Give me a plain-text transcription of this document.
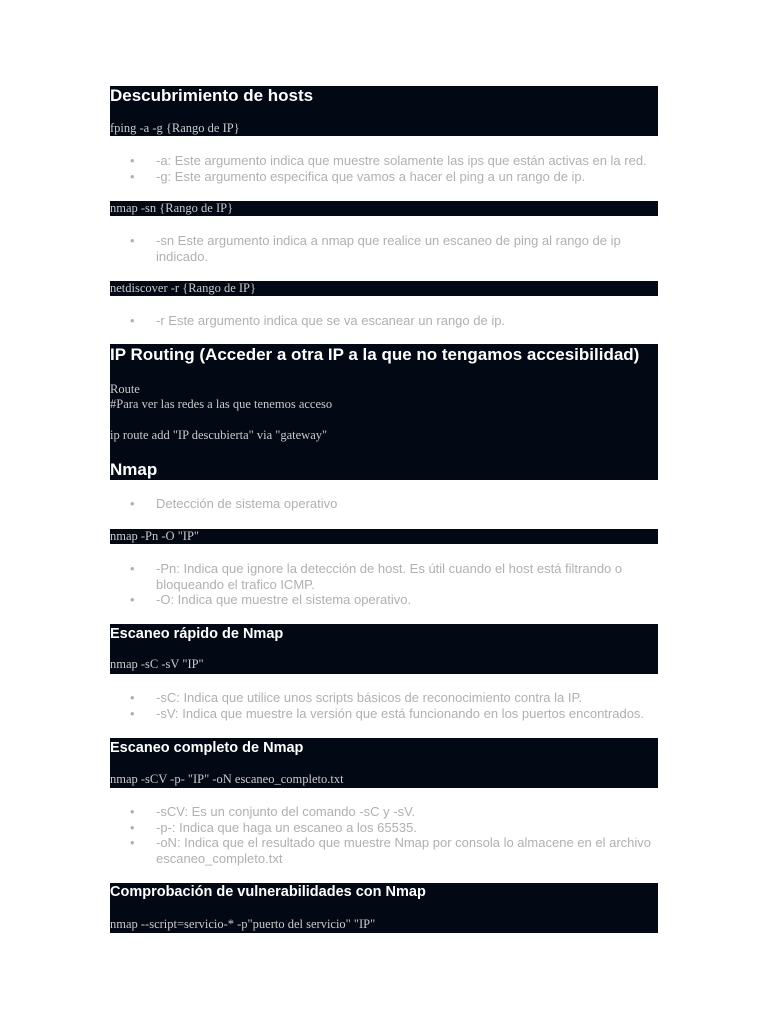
Descubrimiento de hosts
fping -a -g {Rango de IP}
• -a: Este argumento indica que muestre solamente las ips que están activas en la red.
• -g: Este argumento especifica que vamos a hacer el ping a un rango de ip.
nmap -sn {Rango de IP}
• -sn Este argumento indica a nmap que realice un escaneo de ping al rango de ip indicado.
netdiscover -r {Rango de IP}
• -r Este argumento indica que se va escanear un rango de ip.
IP Routing (Acceder a otra IP a la que no tengamos accesibilidad)
Route
#Para ver las redes a las que tenemos acceso
ip route add "IP descubierta" via "gateway"
Nmap
• Detección de sistema operativo
nmap -Pn -O "IP"
• -Pn: Indica que ignore la detección de host. Es útil cuando el host está filtrando o bloqueando el trafico ICMP.
• -O: Indica que muestre el sistema operativo.
Escaneo rápido de Nmap
nmap -sC -sV "IP"
• -sC: Indica que utilice unos scripts básicos de reconocimiento contra la IP.
• -sV: Indica que muestre la versión que está funcionando en los puertos encontrados.
Escaneo completo de Nmap
nmap -sCV -p- "IP" -oN escaneo_completo.txt
• -sCV: Es un conjunto del comando -sC y -sV.
• -p-: Indica que haga un escaneo a los 65535.
• -oN: Indica que el resultado que muestre Nmap por consola lo almacene en el archivo escaneo_completo.txt
Comprobación de vulnerabilidades con Nmap
nmap --script=servicio-* -p"puerto del servicio" "IP"
